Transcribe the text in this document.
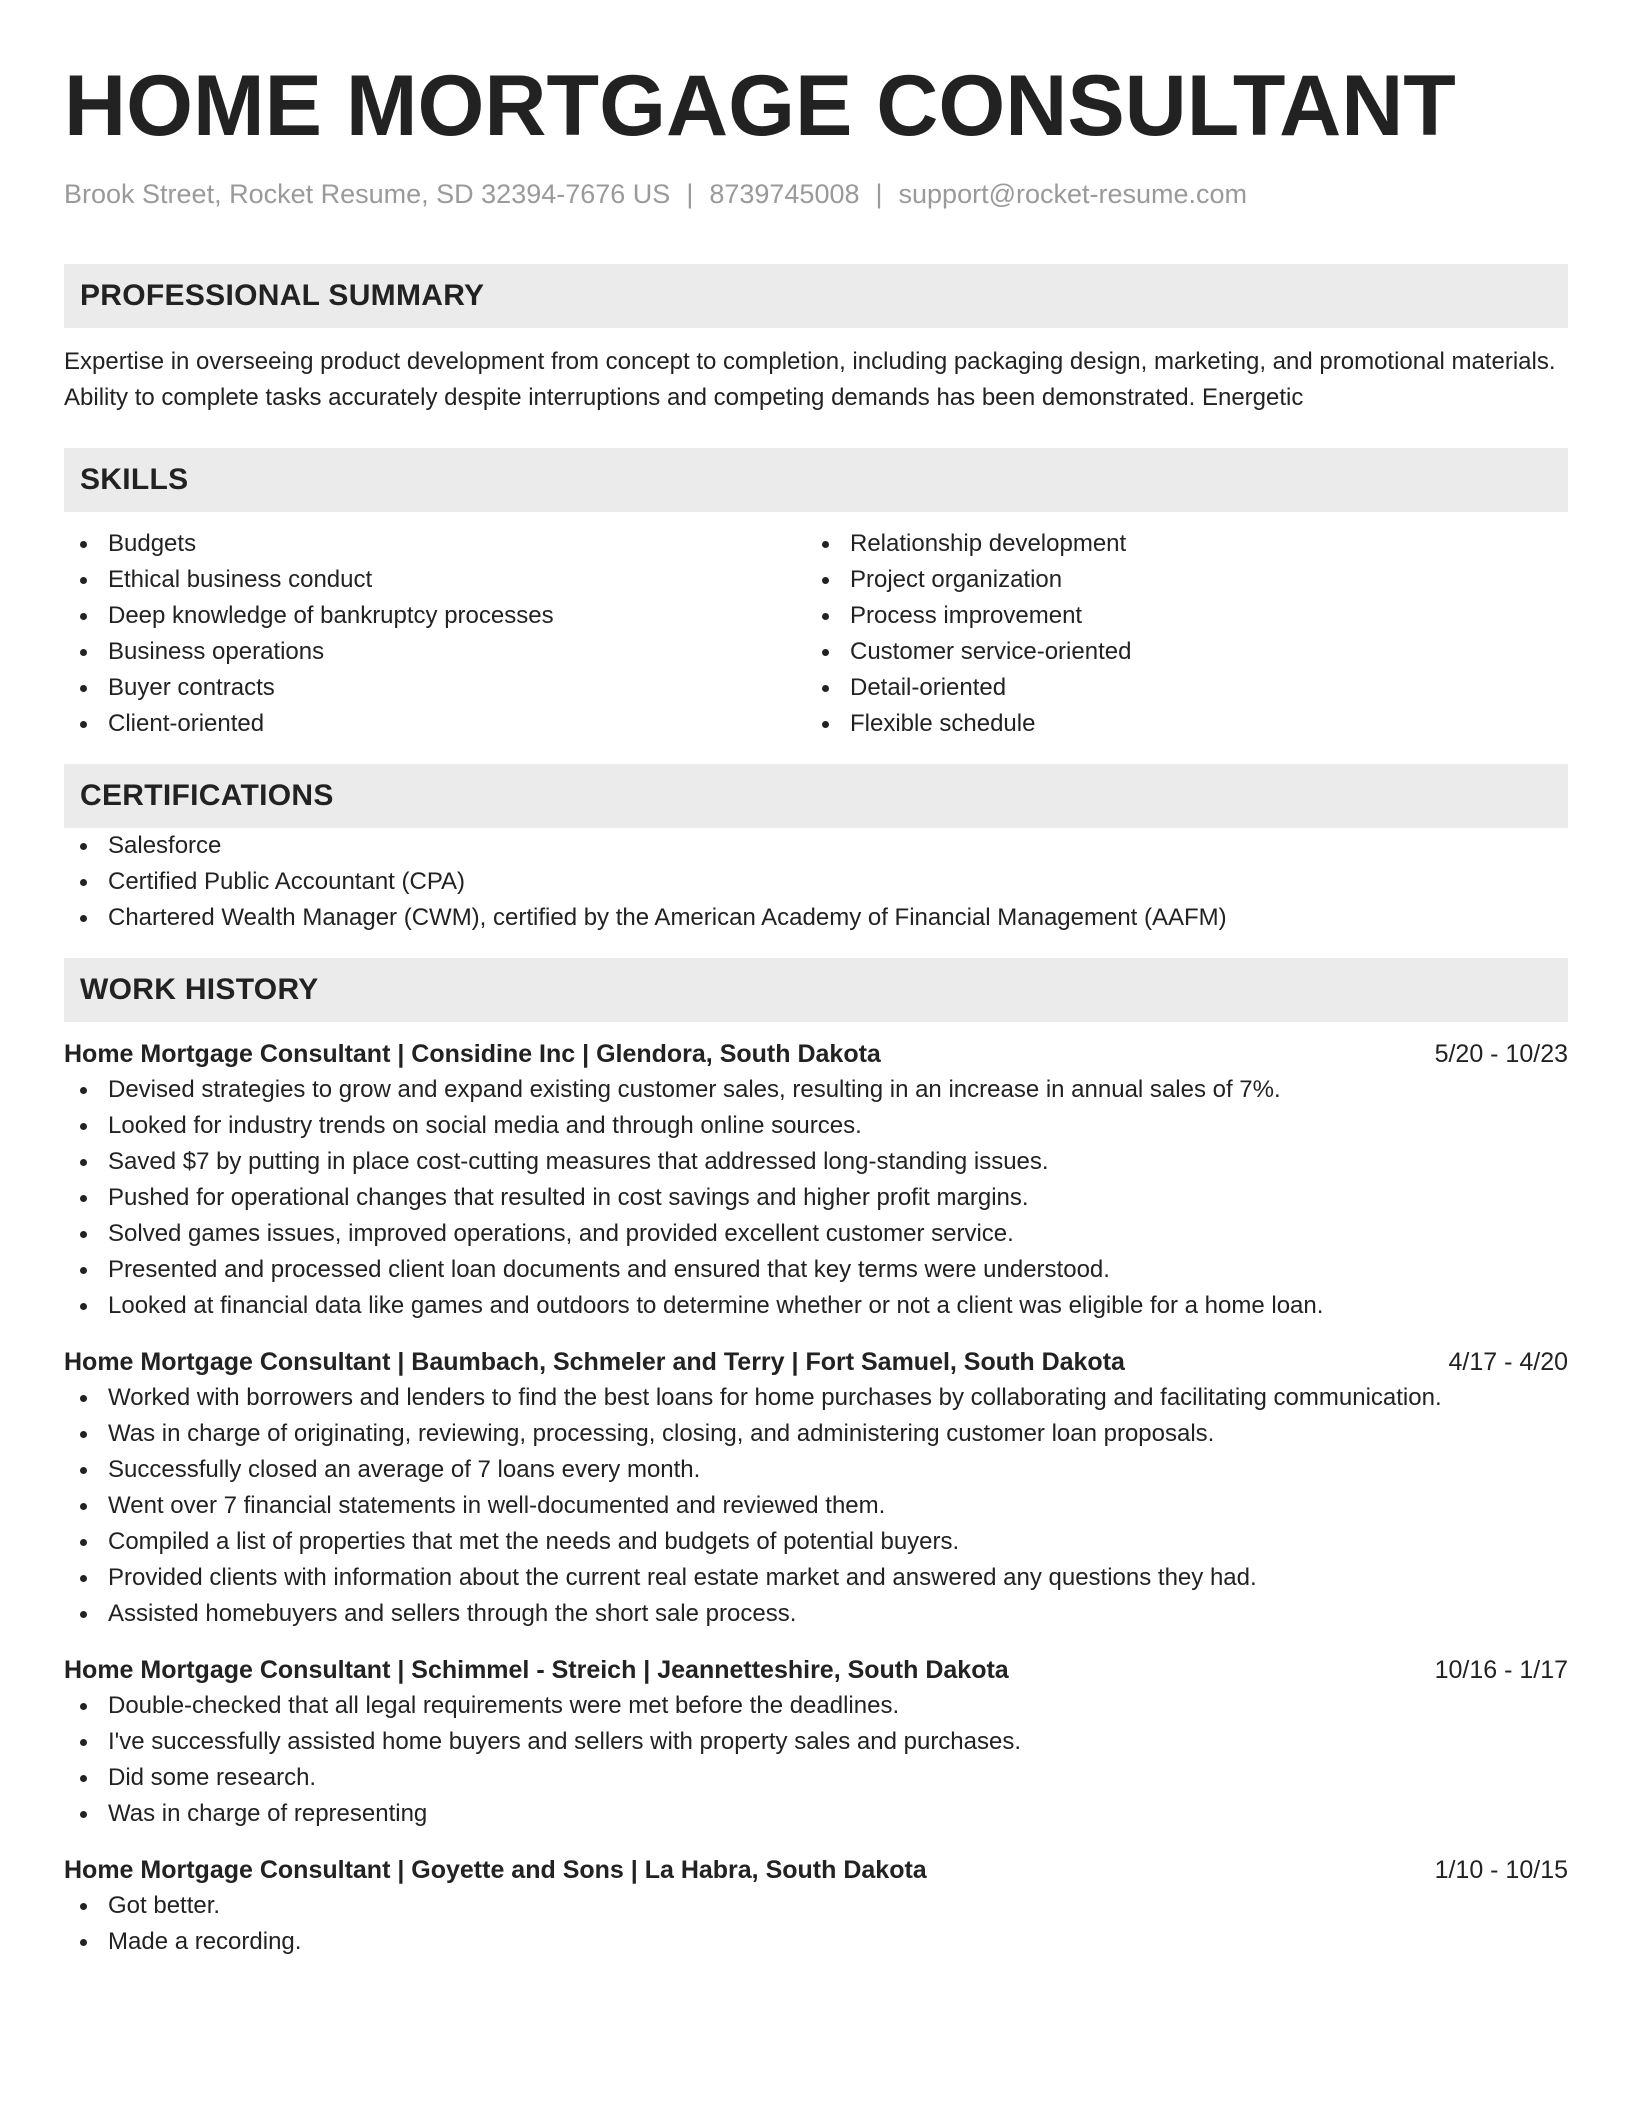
HOME MORTGAGE CONSULTANT
Brook Street, Rocket Resume, SD 32394-7676 US | 8739745008 | support@rocket-resume.com
PROFESSIONAL SUMMARY

Expertise in overseeing product development from concept to completion, including packaging design, marketing, and promotional materials. Ability to complete tasks accurately despite interruptions and competing demands has been demonstrated. Energetic

SKILLS
Budgets
Ethical business conduct
Deep knowledge of bankruptcy processes
Business operations
Buyer contracts
Client-oriented
Relationship development
Project organization
Process improvement
Customer service-oriented
Detail-oriented
Flexible schedule
CERTIFICATIONS
Salesforce
Certified Public Accountant (CPA)
Chartered Wealth Manager (CWM), certified by the American Academy of Financial Management (AAFM)
WORK HISTORY
Home Mortgage Consultant | Considine Inc | Glendora, South Dakota	5/20 - 10/23
Devised strategies to grow and expand existing customer sales, resulting in an increase in annual sales of 7%.
Looked for industry trends on social media and through online sources.
Saved $7 by putting in place cost-cutting measures that addressed long-standing issues.
Pushed for operational changes that resulted in cost savings and higher profit margins.
Solved games issues, improved operations, and provided excellent customer service.
Presented and processed client loan documents and ensured that key terms were understood.
Looked at financial data like games and outdoors to determine whether or not a client was eligible for a home loan.
Home Mortgage Consultant | Baumbach, Schmeler and Terry | Fort Samuel, South Dakota	4/17 - 4/20
Worked with borrowers and lenders to find the best loans for home purchases by collaborating and facilitating communication.
Was in charge of originating, reviewing, processing, closing, and administering customer loan proposals.
Successfully closed an average of 7 loans every month.
Went over 7 financial statements in well-documented and reviewed them.
Compiled a list of properties that met the needs and budgets of potential buyers.
Provided clients with information about the current real estate market and answered any questions they had.
Assisted homebuyers and sellers through the short sale process.
Home Mortgage Consultant | Schimmel - Streich | Jeannetteshire, South Dakota	10/16 - 1/17
Double-checked that all legal requirements were met before the deadlines.
I've successfully assisted home buyers and sellers with property sales and purchases.
Did some research.
Was in charge of representing
Home Mortgage Consultant | Goyette and Sons | La Habra, South Dakota	1/10 - 10/15
Got better.
Made a recording.
